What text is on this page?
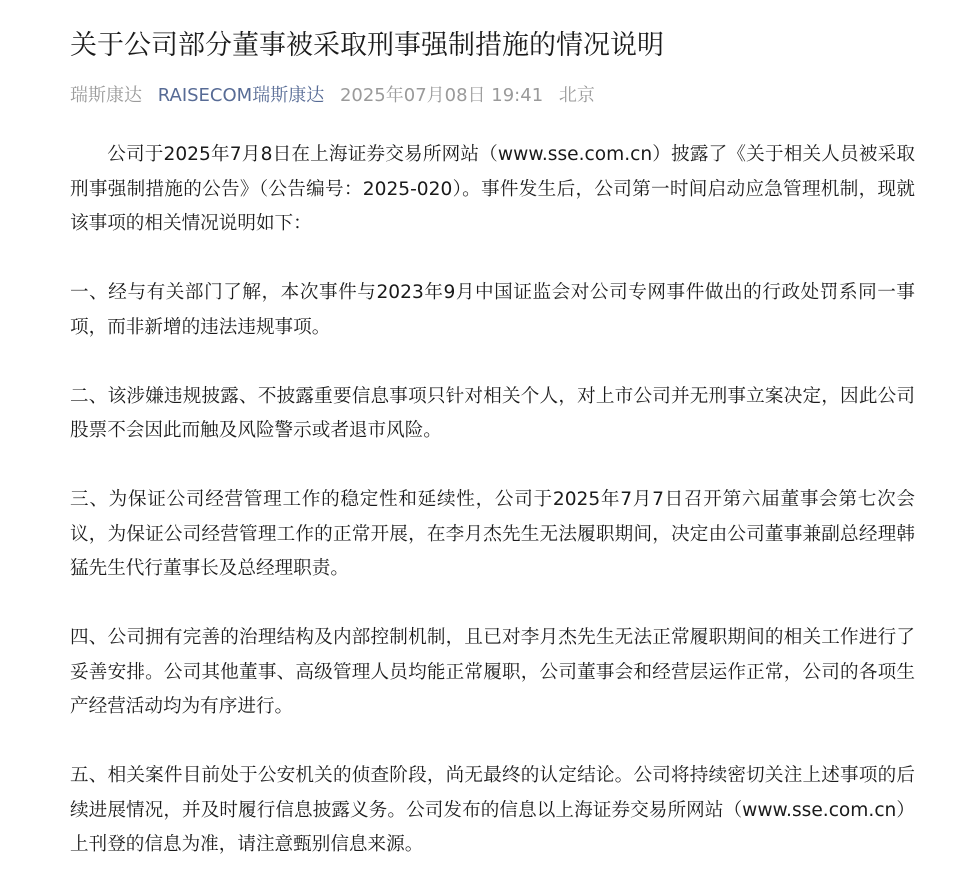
关于公司部分董事被采取刑事强制措施的情况说明
瑞斯康达 RAISECOM瑞斯康达 2025年07月08日 19:41 北京

公司于2025年7月8日在上海证券交易所网站（www.sse.com.cn）披露了《关于相关人员被采取刑事强制措施的公告》（公告编号：2025-020）。事件发生后，公司第一时间启动应急管理机制，现就该事项的相关情况说明如下：

一、经与有关部门了解，本次事件与2023年9月中国证监会对公司专网事件做出的行政处罚系同一事项，而非新增的违法违规事项。

二、该涉嫌违规披露、不披露重要信息事项只针对相关个人，对上市公司并无刑事立案决定，因此公司股票不会因此而触及风险警示或者退市风险。

三、为保证公司经营管理工作的稳定性和延续性，公司于2025年7月7日召开第六届董事会第七次会议，为保证公司经营管理工作的正常开展，在李月杰先生无法履职期间，决定由公司董事兼副总经理韩猛先生代行董事长及总经理职责。

四、公司拥有完善的治理结构及内部控制机制，且已对李月杰先生无法正常履职期间的相关工作进行了妥善安排。公司其他董事、高级管理人员均能正常履职，公司董事会和经营层运作正常，公司的各项生产经营活动均为有序进行。

五、相关案件目前处于公安机关的侦查阶段，尚无最终的认定结论。公司将持续密切关注上述事项的后续进展情况，并及时履行信息披露义务。公司发布的信息以上海证券交易所网站（www.sse.com.cn）上刊登的信息为准，请注意甄别信息来源。
